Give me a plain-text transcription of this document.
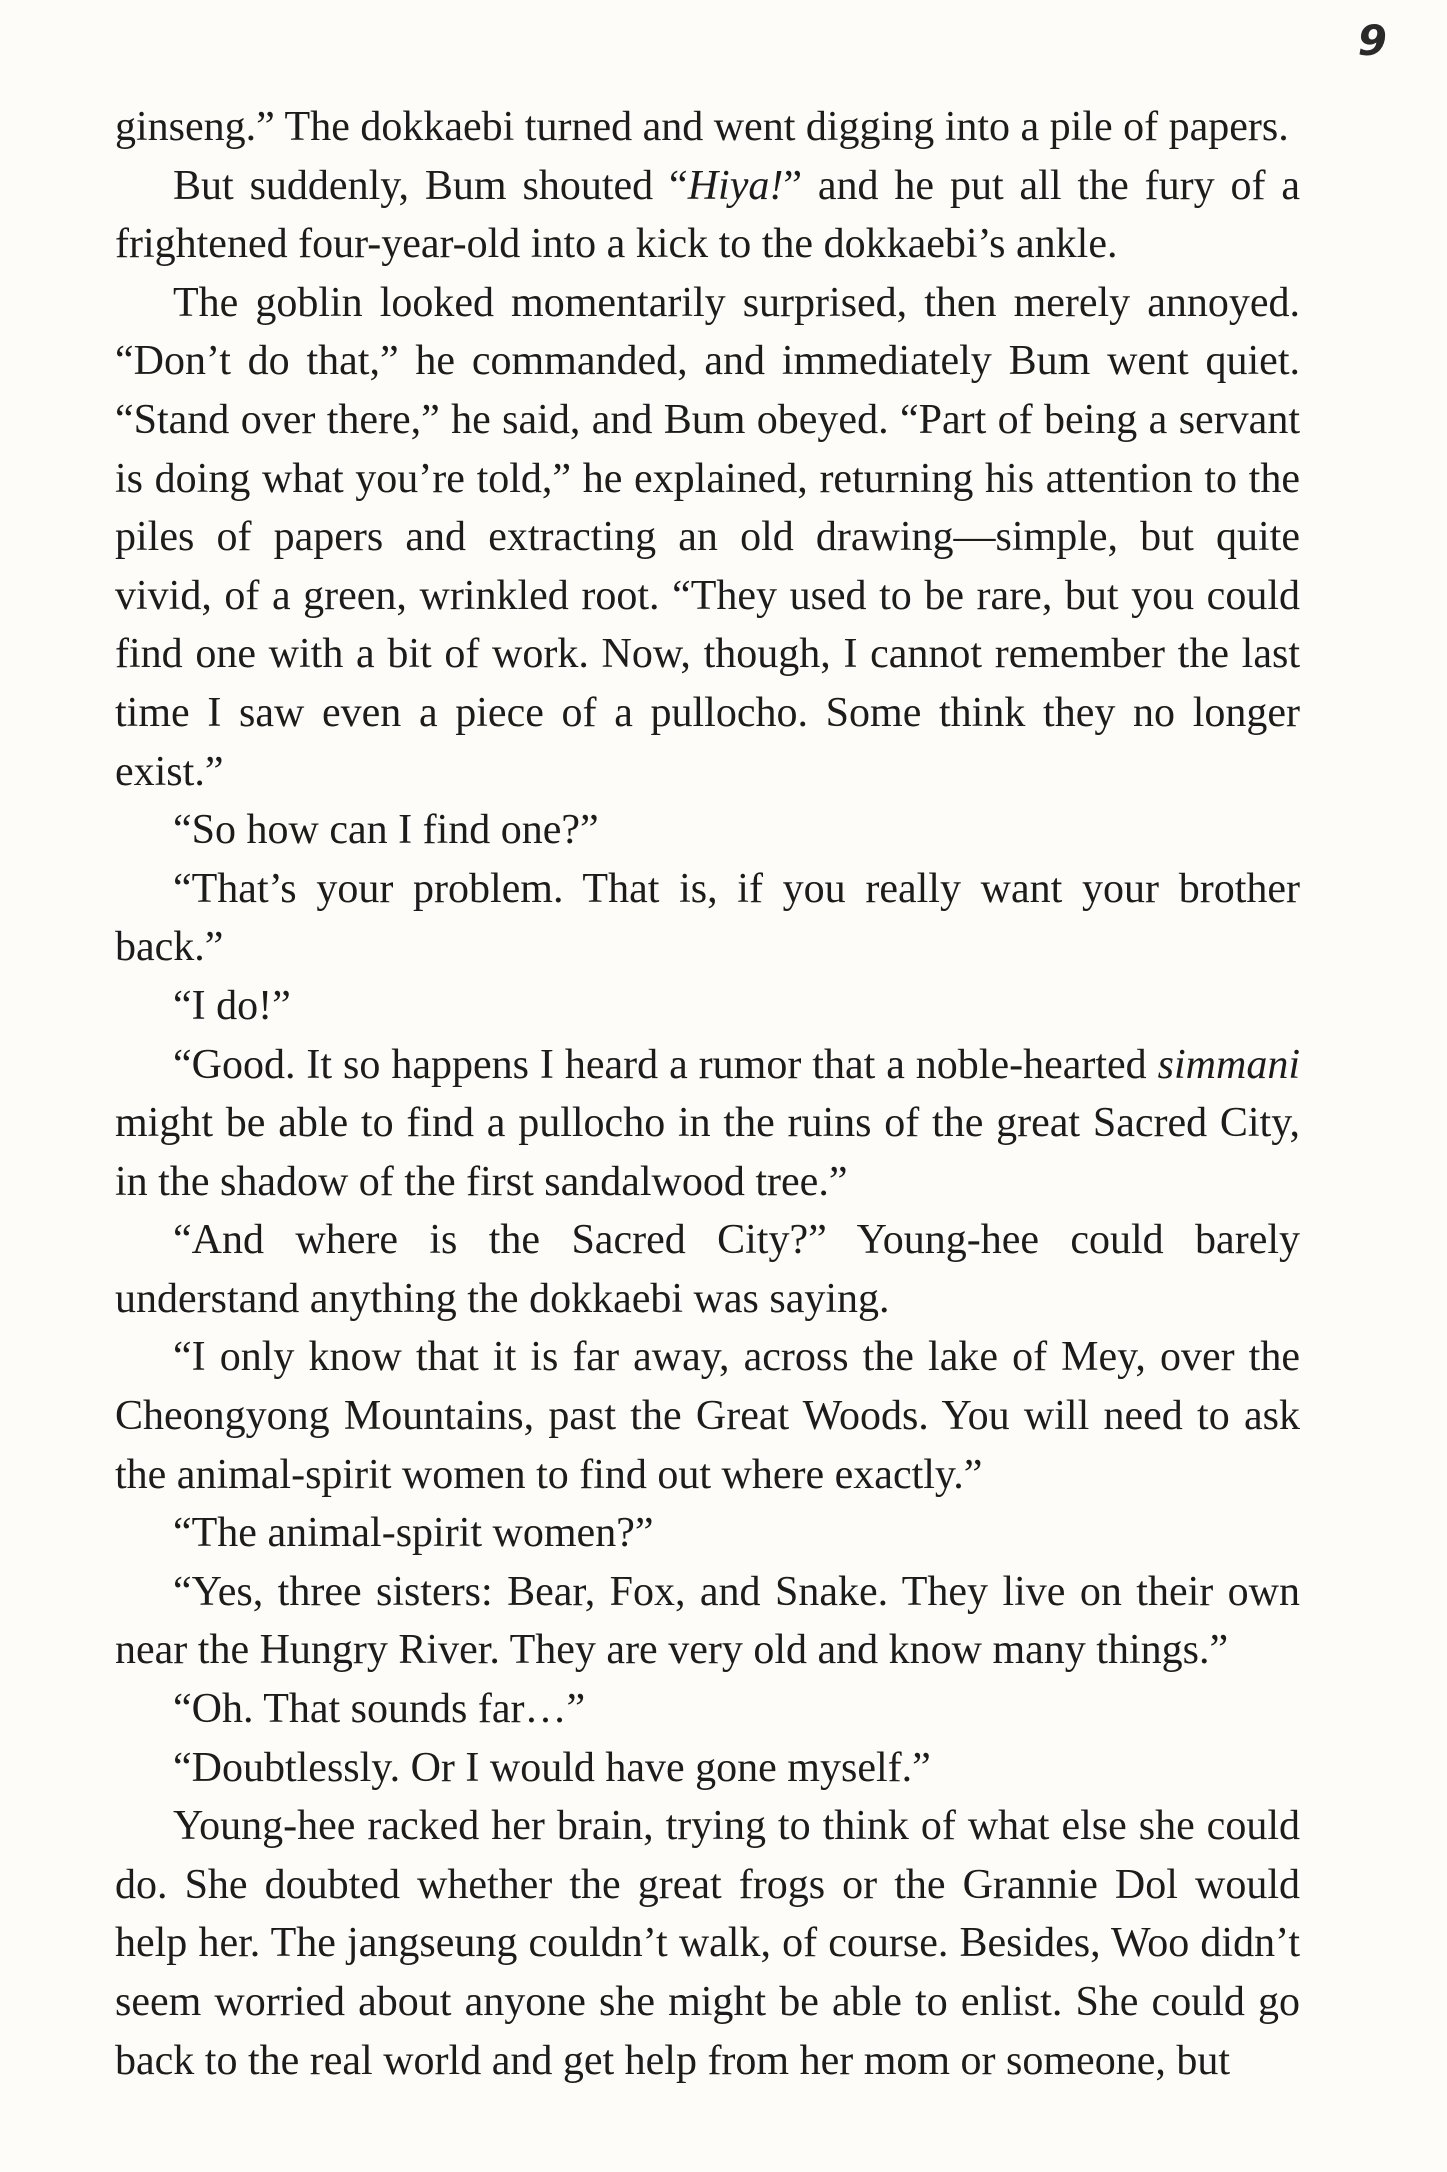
9

ginseng.” The dokkaebi turned and went digging into a pile of papers.

But suddenly, Bum shouted “Hiya!” and he put all the fury of a frightened four-year-old into a kick to the dokkaebi’s ankle.

The goblin looked momentarily surprised, then merely annoyed. “Don’t do that,” he commanded, and immediately Bum went quiet. “Stand over there,” he said, and Bum obeyed. “Part of being a servant is doing what you’re told,” he explained, returning his attention to the piles of papers and extracting an old drawing—simple, but quite vivid, of a green, wrinkled root. “They used to be rare, but you could find one with a bit of work. Now, though, I cannot remember the last time I saw even a piece of a pullocho. Some think they no longer exist.”

“So how can I find one?”

“That’s your problem. That is, if you really want your brother back.”

“I do!”

“Good. It so happens I heard a rumor that a noble-hearted simmani might be able to find a pullocho in the ruins of the great Sacred City, in the shadow of the first sandalwood tree.”

“And where is the Sacred City?” Young-hee could barely understand anything the dokkaebi was saying.

“I only know that it is far away, across the lake of Mey, over the Cheongyong Mountains, past the Great Woods. You will need to ask the animal-spirit women to find out where exactly.”

“The animal-spirit women?”

“Yes, three sisters: Bear, Fox, and Snake. They live on their own near the Hungry River. They are very old and know many things.”

“Oh. That sounds far…”

“Doubtlessly. Or I would have gone myself.”

Young-hee racked her brain, trying to think of what else she could do. She doubted whether the great frogs or the Grannie Dol would help her. The jangseung couldn’t walk, of course. Besides, Woo didn’t seem worried about anyone she might be able to enlist. She could go back to the real world and get help from her mom or someone, but
